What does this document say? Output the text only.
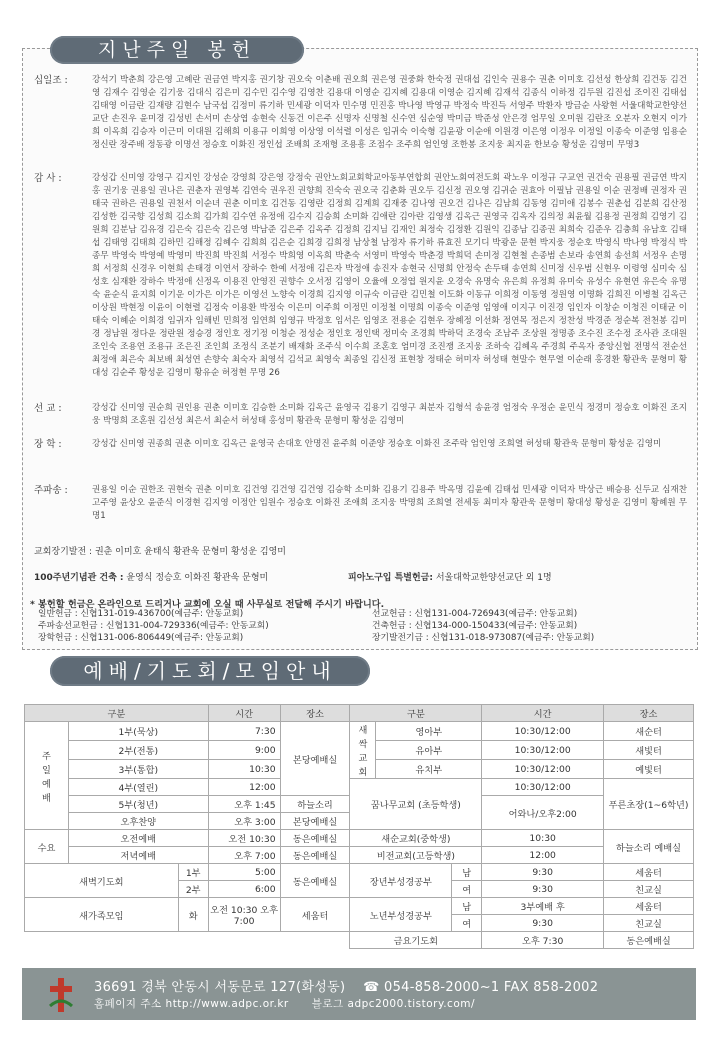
지난주일 봉헌
십일조 :	강석기 박춘희 강은영 고혜란 권금연 박지홍 권기창 권오숙 이춘배 권오희 권은영 권중화 한숙정 권대섭 김인숙 권용수 권춘 이미호 김선성 한상희 김건동 김건영 김재수 김영순 김기웅 김대식 김은미 김수민 김수영 김영찬 김용대 이영순 김지혜 김용대 이영순 김지혜 김재석 김종식 이하정 김두원 김진섭 조이진 김태섭 김태영 이금란 김재량 김현수 남국섭 김정미 류기하 민세광 이덕자 민수명 민진홍 박나영 박영규 박정숙 박진득 서영주 박환자 방금순 사왕현 서울대학교한양선교단 손진우 윤미경 김성빈 손서미 손상엽 송현숙 신동건 이은주 신명자 신명철 신수연 심순영 박미금 박준성 안은경 엄무일 오미원 김란조 오분자 오현지 이가희 이옥희 김승자 이근미 이대원 김해희 이용규 이희영 이상영 이석렬 이성은 임귀숙 이숙형 김윤광 이순애 이원경 이은영 이정우 이정일 이종숙 이준영 임용순 정신란 장주배 정동광 이명선 정승호 이화진 정인섭 조배희 조재형 조용흥 조점수 조주희 엄인영 조한봉 조지웅 최지윤 한보승 황성운 김영미 무명3
감 사 :	강성갑 신미영 강영구 김지인 강성순 강영희 강은영 강정숙 권안노회교회학교아동부연합회 권안노회여전도회 곽노우 이정규 구교연 권건숙 권용필 권금연 박지홍 권기웅 권용일 권나은 권춘자 권영복 김연숙 권우진 권향희 진숙숙 권오국 김춘화 권오두 김신정 권오영 김귀순 권효아 이필남 권용일 이순 권정배 권정자 권태국 권하은 권용일 권천서 이순녀 권춘 이미호 김건동 김영란 김정희 김계희 김재중 김나영 권오건 김나은 김남희 김동영 김미애 김봉수 권춘섭 김분희 김산정 김성한 김국향 김성희 김소희 김가희 김수연 유정애 김수지 김승희 소미화 김애란 김아란 김영생 김옥근 권영국 김옥자 김의정 최윤월 김용정 권정희 김영기 김원희 김분남 김유경 김은숙 김은숙 김은영 박남준 김은주 김옥주 김정희 김지님 김재인 최정숙 김정환 김원익 김종남 김종권 최희숙 김준우 김충희 유남호 김태섭 김태영 김태희 김하민 김해정 김혜수 김희희 김은순 김희경 김희정 남상철 남정자 류기하 류효진 모기디 박광운 문현 박지웅 정순호 박영식 박나영 박정식 박종무 박영숙 박영예 박영미 박진희 박진희 서정수 박희영 이옥희 박춘숙 서영미 박영숙 박춘경 박희덕 손미정 김현철 손종범 손보라 송연희 송선희 서정우 손명희 서정희 신경우 이현희 손태경 이연서 장하수 한예 서정애 김은자 박정애 송진자 송현국 신명희 안정숙 손두태 송연희 신미정 신우범 신현우 이령영 심미숙 심성호 심재환 장하수 박정애 신정옥 이용진 안영진 권향수 오서정 김영이 오율애 오정엽 원지윤 오경숙 유명숙 유은희 유정희 유미숙 유성수 유현연 유은숙 유명숙 윤순식 윤지희 이기운 이가은 이가은 이영선 노향숙 이경희 김지영 이규숙 이금란 김민철 이도화 이동규 이희정 이동영 정원영 이명화 김희진 이병철 김옥근 이상원 박현정 이윤이 이현렬 김정숙 이용환 박정숙 이은미 이주희 이정민 이정철 이명희 이종숙 이준영 임영애 이지구 이진경 임인자 이창순 이청진 이태균 이태숙 이혜순 이희경 임귀자 임해빈 민희정 임연희 임영규 박정호 임서은 임영조 전용순 김현우 장혜정 이선화 정연목 정은지 정찬성 박경준 정순복 전천봉 김미경 정남원 정다운 정란원 정승경 정인호 정기정 이청순 정성순 정인호 정인택 정미숙 조경희 박하덕 조경숙 조남주 조상원 정명종 조수진 조수정 조사관 조대원 조인숙 조용연 조용규 조은진 조인희 조정식 조분기 배재화 조주식 이수희 조혼호 엄미경 조진쟁 조지웅 조하숙 김혜옥 주경희 주옥자 중앙신협 전명석 전순선 최정애 최은숙 최보배 최성연 손향숙 최숙자 최영석 김석교 최영숙 최종일 김신정 표현창 정태순 허미자 허성태 현말수 현무열 이순래 홍경환 황관욱 문형미 황대성 김순주 황성운 김영미 황유순 허정현 무명 26
선 교 :	강성갑 신미영 권순희 권인용 권춘 이미호 김승한 소미화 김옥근 윤영국 김용기 김영구 최분자 김형석 송윤경 엄정숙 우정순 윤민식 정경미 정승호 이화진 조지웅 박명희 조혼원 김선성 최은서 최순서 허성태 홍성미 황관욱 문형미 황성운 김영미
장 학 :	강성갑 신미영 권종희 권춘 이미호 김옥근 윤영국 손대호 안명진 윤주희 이준양 정승호 이화진 조주락 엄인영 조희열 허성태 황관욱 문형미 황성운 김영미
주파송 :	권용일 이순 권한조 권현숙 권춘 이미호 김건영 김건영 김건영 김승학 소미화 김용기 김용주 박옥명 김윤예 김태섭 민세광 이덕자 박상근 배승용 신두교 심재찬 고주영 윤상오 윤준식 이경현 김지영 이정안 임원수 정승호 이화진 조애희 조지웅 박명희 조희열 전세동 최미자 황관욱 문형미 황대성 황성운 김영미 황혜원 무명1
교회장기발전 : 권춘 이미호 윤태식 황관욱 문형미 황성운 김영미
100주년기념관 건축 : 윤영식 정승호 이화진 황관욱 문형미	피아노구입 특별헌금: 서울대학교한양선교단 외 1명
* 봉헌할 헌금은 온라인으로 드리거나 교회에 오실 때 사무실로 전달해 주시기 바랍니다.
일반헌금 : 신협131-019-436700(예금주: 안동교회)
주파송선교헌금 : 신협131-004-729336(예금주: 안동교회)
장학헌금 : 신협131-006-806449(예금주: 안동교회)
선교헌금 : 신협131-004-726943(예금주: 안동교회)
건축헌금 : 신협134-000-150433(예금주: 안동교회)
장기발전기금 : 신협131-018-973087(예금주: 안동교회)
예배/기도회/모임안내
구분			시간	장소	구분			시간	장소
주일예배	1부(묵상)		7:30	본당예배실	새싹교회	영아부		10:30/12:00	새순터
	2부(전통)		9:00			유아부		10:30/12:00	새빛터
	3부(통합)		10:30			유치부		10:30/12:00	예빛터
	4부(열린)		12:00		꿈나무교회 (초등학생)			10:30/12:00	푸른초장(1~6학년)
	5부(청년)		오후 1:45	하늘소리				어와나/오후2:00	
	오후찬양		오후 3:00	본당예배실					
수요	오전예배		오전 10:30	동은예배실	새순교회(중학생)			10:30	하늘소리 예배실
	저녁예배		오후 7:00	동은예배실	비전교회(고등학생)			12:00	
새벽기도회		1부	5:00	동은예배실	장년부성경공부		남	9:30	세움터
		2부	6:00				여	9:30	친교실
새가족모임		화	오전 10:30 오후 7:00	세움터	노년부성경공부		남	3부예배 후	세움터
							여	9:30	친교실
					금요기도회			오후 7:30	동은예배실
36691 경북 안동시 서동문로 127(화성동) ☎ 054-858-2000~1 FAX 858-2002
홈페이지 주소 http://www.adpc.or.kr 블로그 adpc2000.tistory.com/
